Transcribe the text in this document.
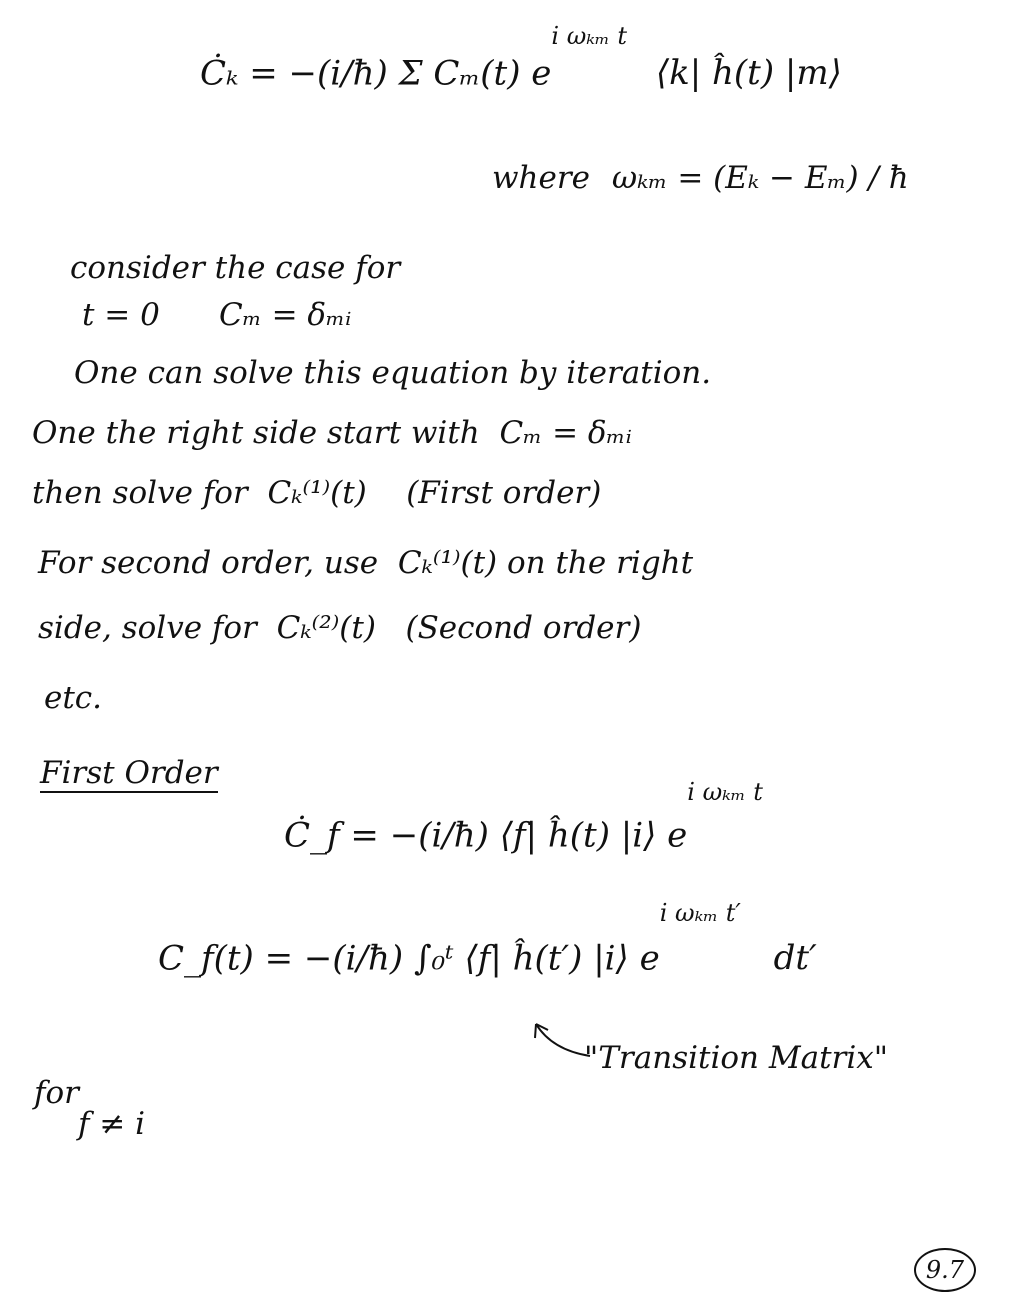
Ċₖ = −(i/ħ) Σ Cₘ(t) $e^{i \omega_{km} t}$ ⟨k| ĥ(t) |m⟩
where ωₖₘ = (Eₖ − Eₘ) / ħ
consider the case for
t = 0      Cₘ = δₘᵢ
One can solve this equation by iteration.
One the right side start with  Cₘ = δₘᵢ
then solve for  Cₖ⁽¹⁾(t)    (First order)
For second order, use  Cₖ⁽¹⁾(t) on the right
side, solve for  Cₖ⁽²⁾(t)   (Second order)
etc.
First Order
Ċ_f = −(i/ħ) ⟨f| ĥ(t) |i⟩ $e^{i \omega_{km} t}$
C_f(t) = −(i/ħ) ∫₀ᵗ ⟨f| ĥ(t′) |i⟩ $e^{i \omega_{km} t'}$ dt′
"Transition Matrix"
for
f ≠ i
9.7
